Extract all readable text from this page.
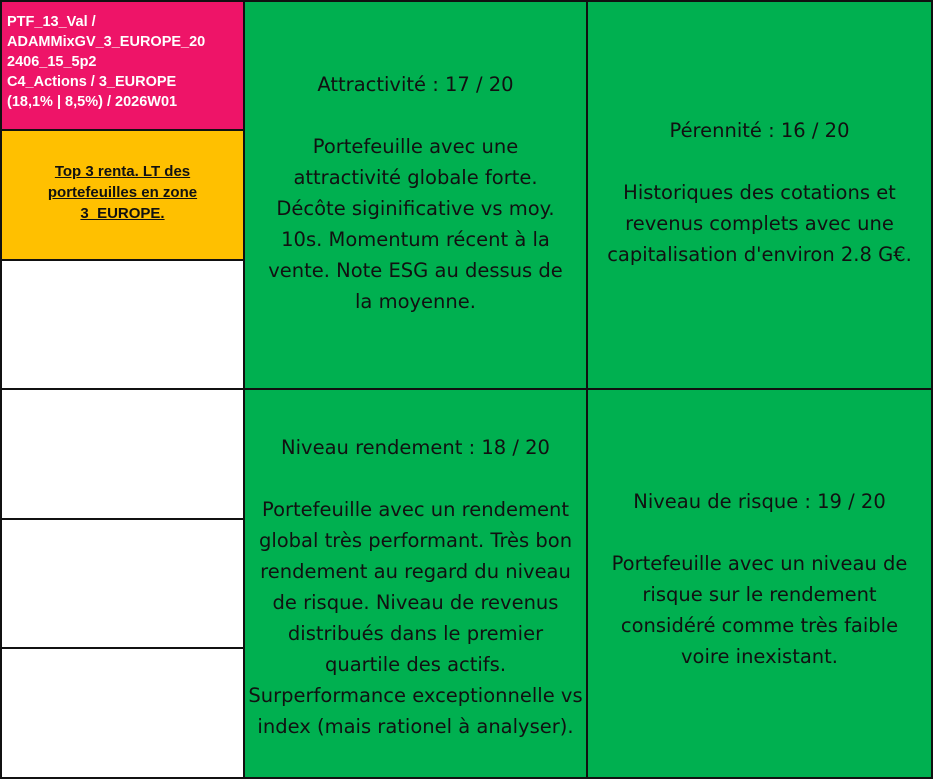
PTF_13_Val /
ADAMMixGV_3_EUROPE_20
2406_15_5p2
C4_Actions / 3_EUROPE
(18,1% | 8,5%) / 2026W01
Top 3 renta. LT des portefeuilles en zone 3_EUROPE.
Attractivité : 17 / 20
Portefeuille avec une attractivité globale forte. Décôte siginificative vs moy. 10s. Momentum récent à la vente. Note ESG au dessus de la moyenne.
Pérennité : 16 / 20
Historiques des cotations et revenus complets avec une capitalisation d'environ 2.8 G€.
Niveau rendement : 18 / 20
Portefeuille avec un rendement global très performant. Très bon rendement au regard du niveau de risque. Niveau de revenus distribués dans le premier quartile des actifs. Surperformance exceptionnelle vs index (mais rationel à analyser).
Niveau de risque : 19 / 20
Portefeuille avec un niveau de risque sur le rendement considéré comme très faible voire inexistant.
